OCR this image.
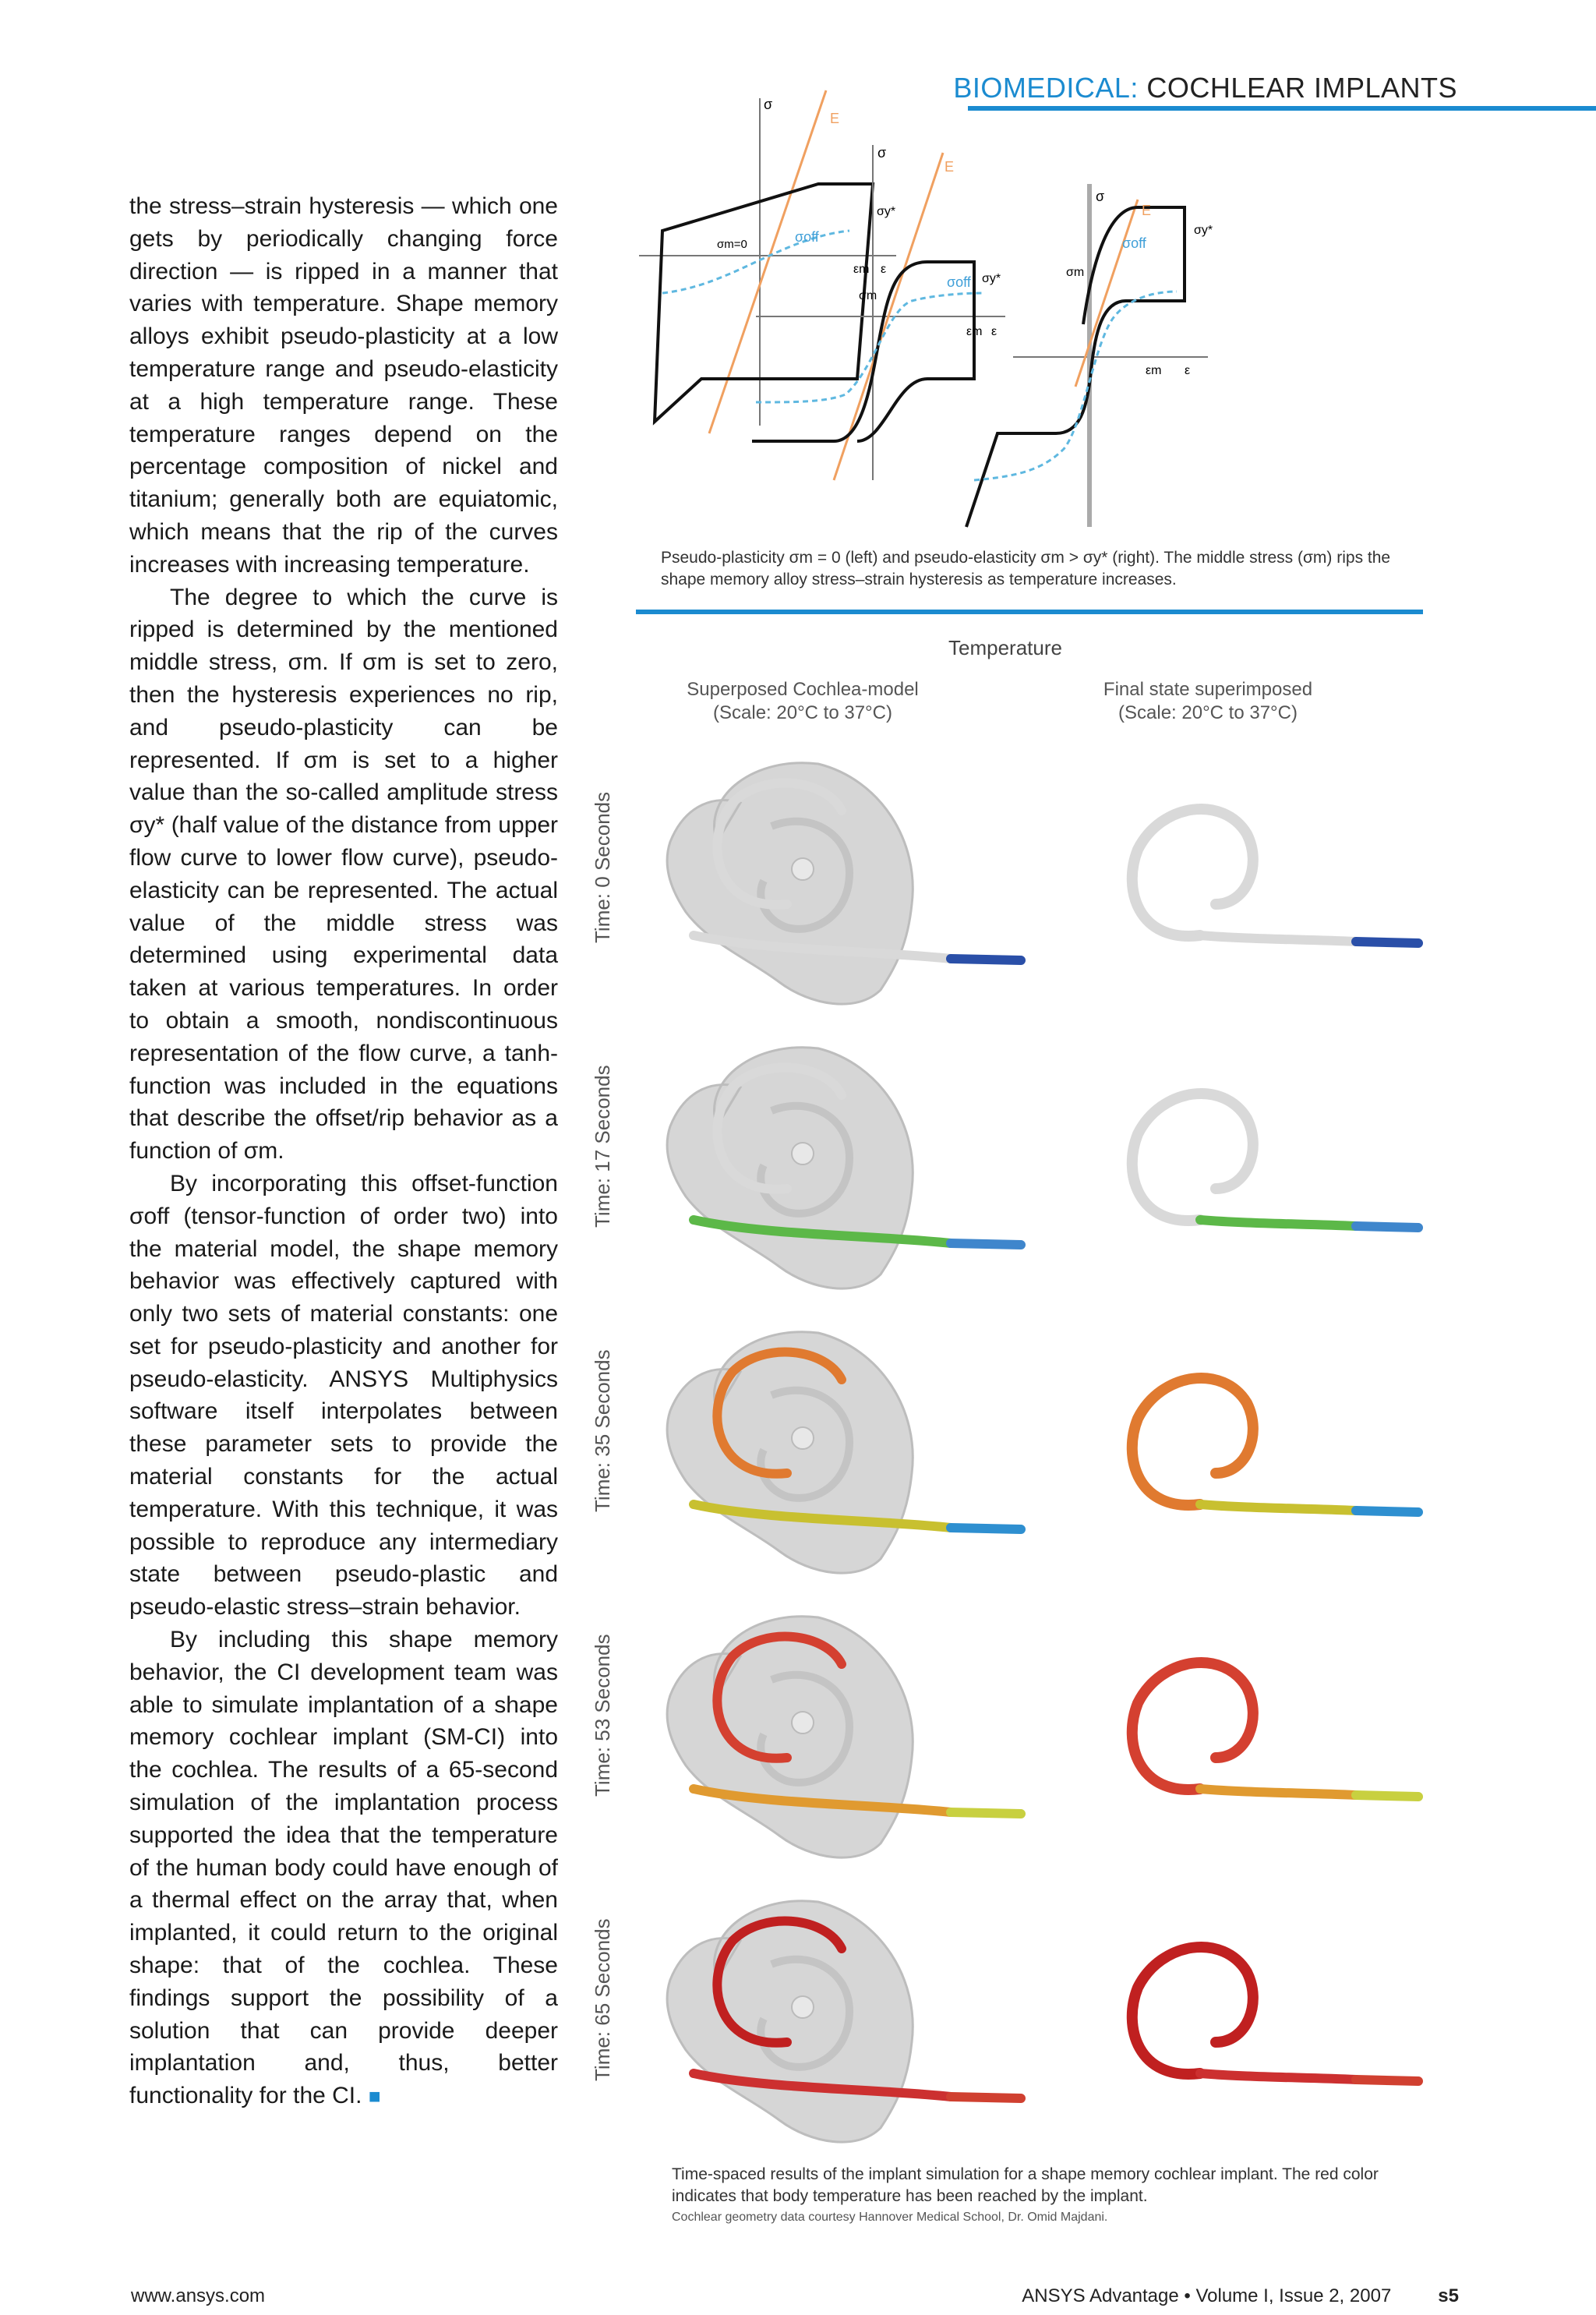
BIOMEDICAL: COCHLEAR IMPLANTS

the stress–strain hysteresis — which one gets by periodically changing force direction — is ripped in a manner that varies with temperature. Shape memory alloys exhibit pseudo-plasticity at a low temperature range and pseudo-elasticity at a high temperature range. These temperature ranges depend on the percentage composition of nickel and titanium; generally both are equiatomic, which means that the rip of the curves increases with increasing temperature.

The degree to which the curve is ripped is determined by the mentioned middle stress, σm. If σm is set to zero, then the hysteresis experiences no rip, and pseudo-plasticity can be represented. If σm is set to a higher value than the so-called amplitude stress σy* (half value of the distance from upper flow curve to lower flow curve), pseudo-elasticity can be represented. The actual value of the middle stress was determined using experimental data taken at various temperatures. In order to obtain a smooth, nondiscontinuous representation of the flow curve, a tanh-function was included in the equations that describe the offset/rip behavior as a function of σm.

By incorporating this offset-function σoff (tensor-function of order two) into the material model, the shape memory behavior was effectively captured with only two sets of material constants: one set for pseudo-plasticity and another for pseudo-elasticity. ANSYS Multiphysics software itself interpolates between these parameter sets to provide the material constants for the actual temperature. With this technique, it was possible to reproduce any intermediary state between pseudo-plastic and pseudo-elastic stress–strain behavior.

By including this shape memory behavior, the CI development team was able to simulate implantation of a shape memory cochlear implant (SM-CI) into the cochlea. The results of a 65-second simulation of the implantation process supported the idea that the temperature of the human body could have enough of a thermal effect on the array that, when implanted, it could return to the original shape: that of the cochlea. These findings support the possibility of a solution that can provide deeper implantation and, thus, better functionality for the CI. ■

σ
E
σm=0	σoff
σy*
εm ε
σ
E
σoff σy*
σm
εm ε
σ
E
σoff
σy*
σm
εm ε
Pseudo-plasticity σm = 0 (left) and pseudo-elasticity σm > σy* (right). The middle stress (σm) rips the shape memory alloy stress–strain hysteresis as temperature increases.
Temperature
Superposed Cochlea-model
(Scale: 20°C to 37°C)
Final state superimposed
(Scale: 20°C to 37°C)
Time: 0 Seconds
Time: 17 Seconds
Time: 35 Seconds
Time: 53 Seconds
Time: 65 Seconds
Time-spaced results of the implant simulation for a shape memory cochlear implant. The red color indicates that body temperature has been reached by the implant.
Cochlear geometry data courtesy Hannover Medical School, Dr. Omid Majdani.
www.ansys.com	ANSYS Advantage • Volume I, Issue 2, 2007	s5
